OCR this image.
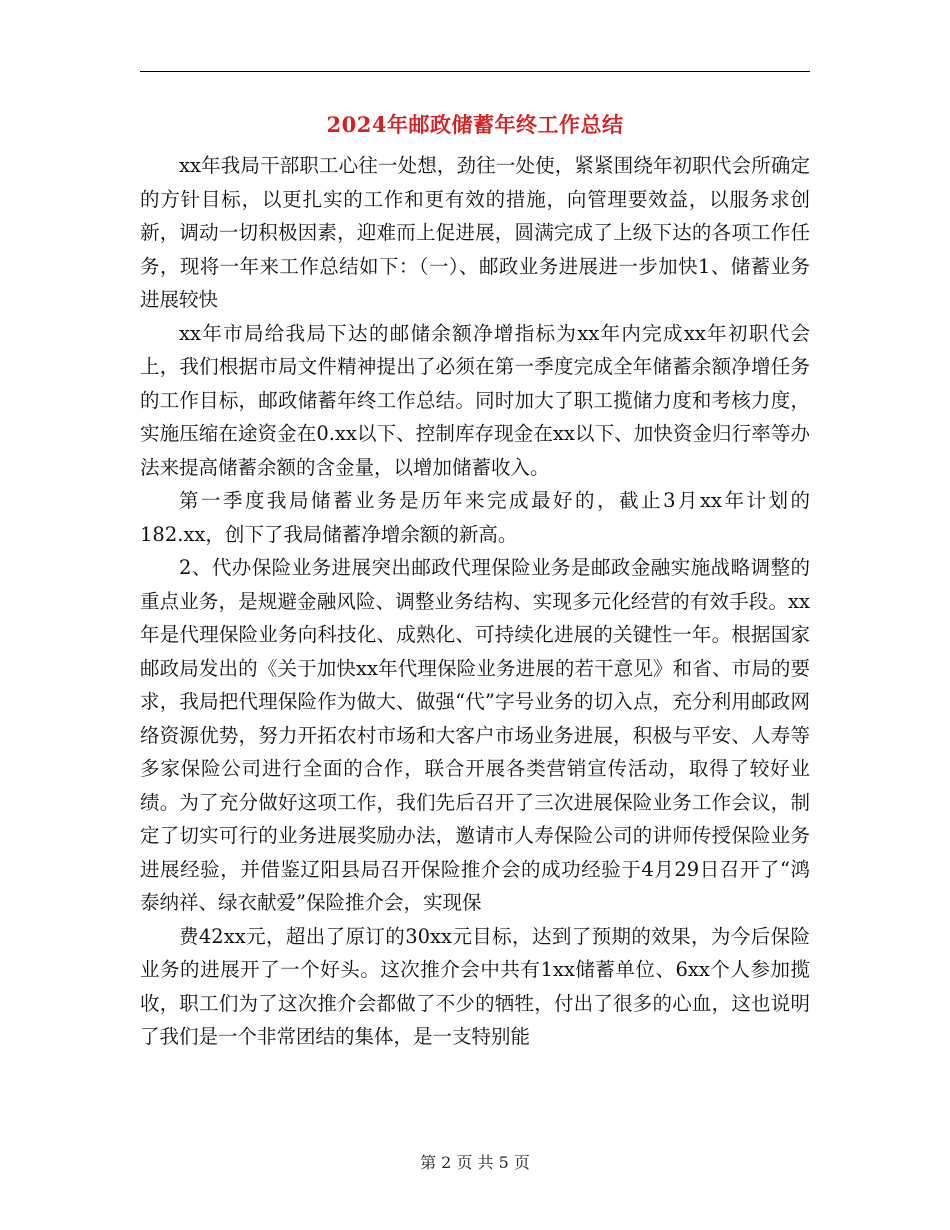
2024年邮政储蓄年终工作总结

xx年我局干部职工心往一处想，劲往一处使，紧紧围绕年初职代会所确定的方针目标，以更扎实的工作和更有效的措施，向管理要效益，以服务求创新，调动一切积极因素，迎难而上促进展，圆满完成了上级下达的各项工作任务，现将一年来工作总结如下：（一）、邮政业务进展进一步加快1、储蓄业务进展较快

xx年市局给我局下达的邮储余额净增指标为xx年内完成xx年初职代会上，我们根据市局文件精神提出了必须在第一季度完成全年储蓄余额净增任务的工作目标，邮政储蓄年终工作总结。同时加大了职工揽储力度和考核力度，实施压缩在途资金在0.xx以下、控制库存现金在xx以下、加快资金归行率等办法来提高储蓄余额的含金量，以增加储蓄收入。

第一季度我局储蓄业务是历年来完成最好的，截止3月xx年计划的182.xx，创下了我局储蓄净增余额的新高。

2、代办保险业务进展突出邮政代理保险业务是邮政金融实施战略调整的重点业务，是规避金融风险、调整业务结构、实现多元化经营的有效手段。xx年是代理保险业务向科技化、成熟化、可持续化进展的关键性一年。根据国家邮政局发出的《关于加快xx年代理保险业务进展的若干意见》和省、市局的要求，我局把代理保险作为做大、做强“代”字号业务的切入点，充分利用邮政网络资源优势，努力开拓农村市场和大客户市场业务进展，积极与平安、人寿等多家保险公司进行全面的合作，联合开展各类营销宣传活动，取得了较好业绩。为了充分做好这项工作，我们先后召开了三次进展保险业务工作会议，制定了切实可行的业务进展奖励办法，邀请市人寿保险公司的讲师传授保险业务进展经验，并借鉴辽阳县局召开保险推介会的成功经验于4月29日召开了“鸿泰纳祥、绿衣献爱”保险推介会，实现保

费42xx元，超出了原订的30xx元目标，达到了预期的效果，为今后保险业务的进展开了一个好头。这次推介会中共有1xx储蓄单位、6xx个人参加揽收，职工们为了这次推介会都做了不少的牺牲，付出了很多的心血，这也说明了我们是一个非常团结的集体，是一支特别能

第 2 页 共 5 页
